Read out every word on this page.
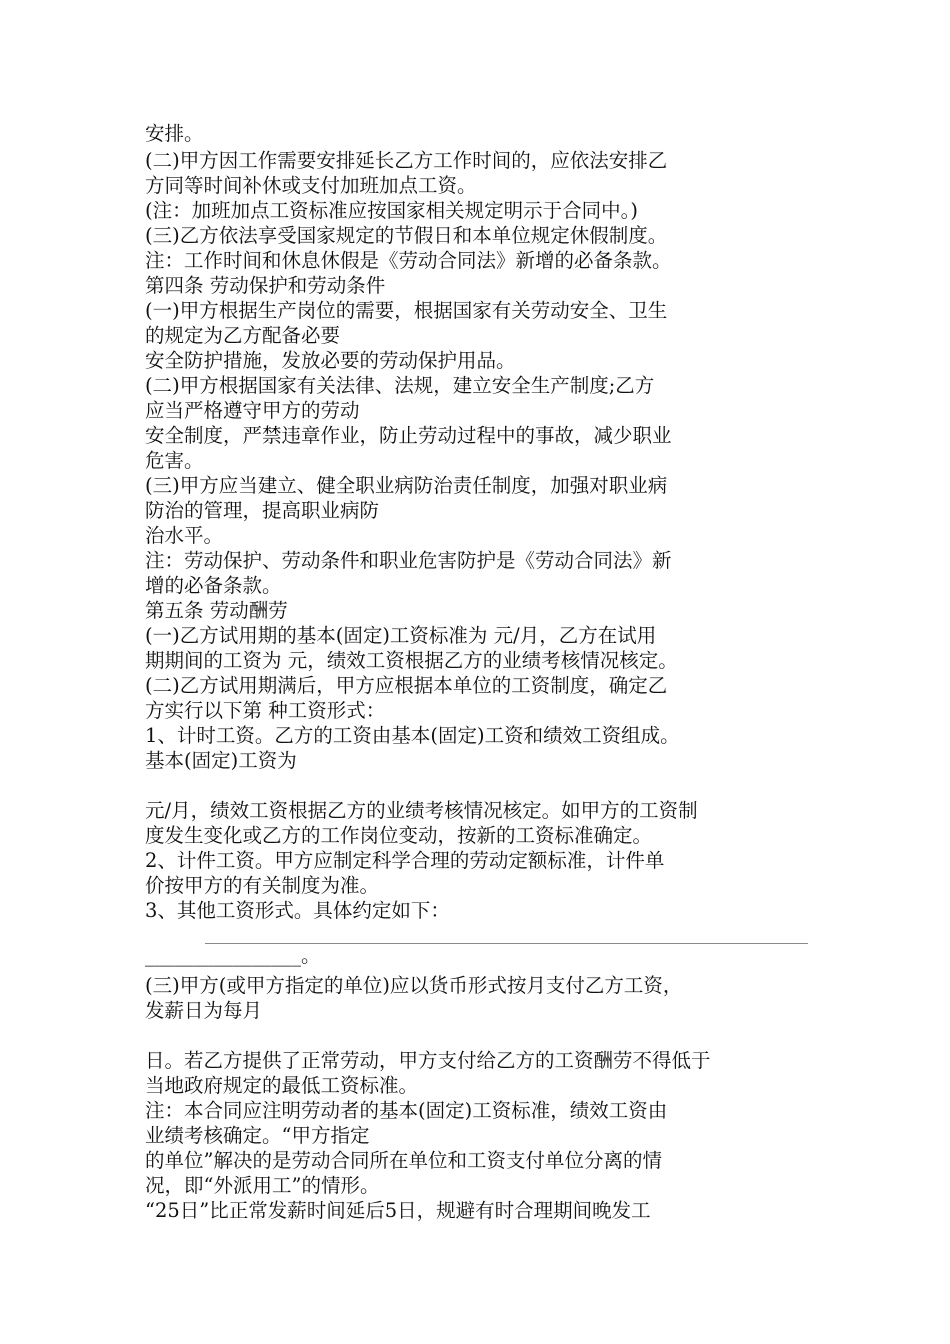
安排。
(二)甲方因工作需要安排延长乙方工作时间的，应依法安排乙
方同等时间补休或支付加班加点工资。
(注：加班加点工资标准应按国家相关规定明示于合同中。)
(三)乙方依法享受国家规定的节假日和本单位规定休假制度。
注：工作时间和休息休假是《劳动合同法》新增的必备条款。
第四条 劳动保护和劳动条件
(一)甲方根据生产岗位的需要，根据国家有关劳动安全、卫生
的规定为乙方配备必要
安全防护措施，发放必要的劳动保护用品。
(二)甲方根据国家有关法律、法规，建立安全生产制度;乙方
应当严格遵守甲方的劳动
安全制度，严禁违章作业，防止劳动过程中的事故，减少职业
危害。
(三)甲方应当建立、健全职业病防治责任制度，加强对职业病
防治的管理，提高职业病防
治水平。
注：劳动保护、劳动条件和职业危害防护是《劳动合同法》新
增的必备条款。
第五条 劳动酬劳
(一)乙方试用期的基本(固定)工资标准为 元/月，乙方在试用
期期间的工资为 元，绩效工资根据乙方的业绩考核情况核定。
(二)乙方试用期满后，甲方应根据本单位的工资制度，确定乙
方实行以下第 种工资形式：
1、计时工资。乙方的工资由基本(固定)工资和绩效工资组成。
基本(固定)工资为
元/月，绩效工资根据乙方的业绩考核情况核定。如甲方的工资制
度发生变化或乙方的工作岗位变动，按新的工资标准确定。
2、计件工资。甲方应制定科学合理的劳动定额标准，计件单
价按甲方的有关制度为准。
3、其他工资形式。具体约定如下：
________________。
(三)甲方(或甲方指定的单位)应以货币形式按月支付乙方工资，
发薪日为每月
日。若乙方提供了正常劳动，甲方支付给乙方的工资酬劳不得低于
当地政府规定的最低工资标准。
注：本合同应注明劳动者的基本(固定)工资标准，绩效工资由
业绩考核确定。“甲方指定
的单位”解决的是劳动合同所在单位和工资支付单位分离的情
况，即“外派用工”的情形。
“25日”比正常发薪时间延后5日，规避有时合理期间晚发工
